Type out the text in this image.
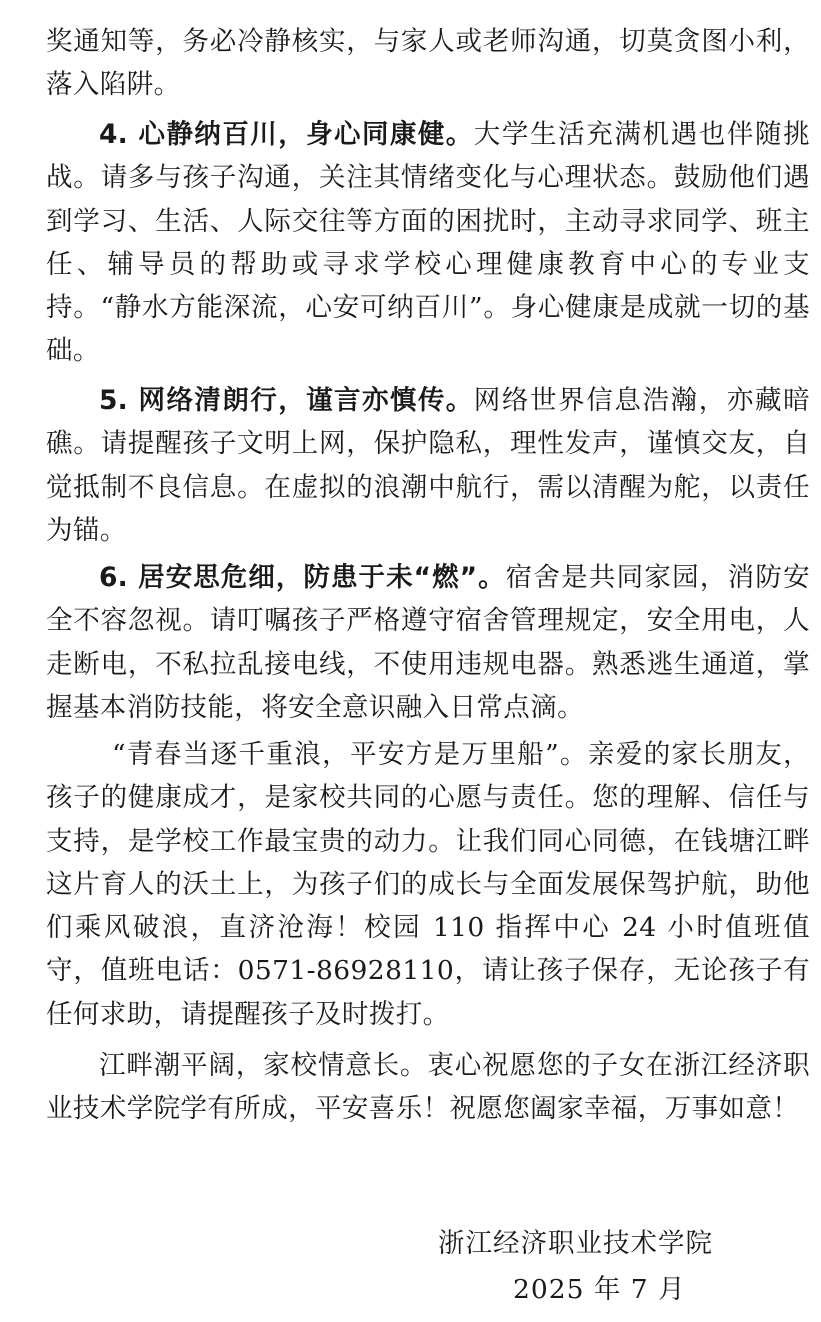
奖通知等，务必冷静核实，与家人或老师沟通，切莫贪图小利，落入陷阱。

4. 心静纳百川，身心同康健。大学生活充满机遇也伴随挑战。请多与孩子沟通，关注其情绪变化与心理状态。鼓励他们遇到学习、生活、人际交往等方面的困扰时，主动寻求同学、班主任、辅导员的帮助或寻求学校心理健康教育中心的专业支持。“静水方能深流，心安可纳百川”。身心健康是成就一切的基础。

5. 网络清朗行，谨言亦慎传。网络世界信息浩瀚，亦藏暗礁。请提醒孩子文明上网，保护隐私，理性发声，谨慎交友，自觉抵制不良信息。在虚拟的浪潮中航行，需以清醒为舵，以责任为锚。

6. 居安思危细，防患于未“燃”。宿舍是共同家园，消防安全不容忽视。请叮嘱孩子严格遵守宿舍管理规定，安全用电，人走断电，不私拉乱接电线，不使用违规电器。熟悉逃生通道，掌握基本消防技能，将安全意识融入日常点滴。

“青春当逐千重浪，平安方是万里船”。亲爱的家长朋友，孩子的健康成才，是家校共同的心愿与责任。您的理解、信任与支持，是学校工作最宝贵的动力。让我们同心同德，在钱塘江畔这片育人的沃土上，为孩子们的成长与全面发展保驾护航，助他们乘风破浪，直济沧海！校园 110 指挥中心 24 小时值班值守，值班电话：0571-86928110，请让孩子保存，无论孩子有任何求助，请提醒孩子及时拨打。

江畔潮平阔，家校情意长。衷心祝愿您的子女在浙江经济职业技术学院学有所成，平安喜乐！祝愿您阖家幸福，万事如意！

浙江经济职业技术学院

2025 年 7 月
